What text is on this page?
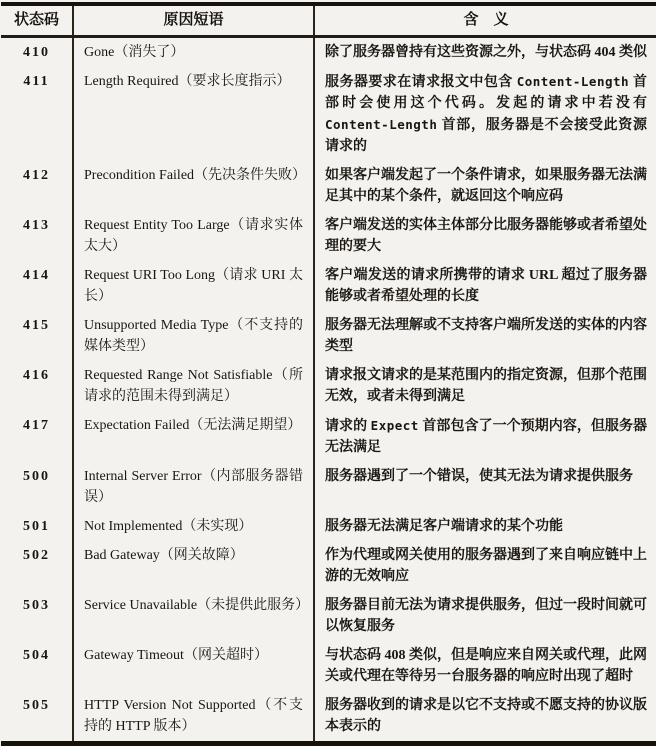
状态码	原因短语	含　义
410	Gone（消失了）	除了服务器曾持有这些资源之外，与状态码 404 类似
411	Length Required（要求长度指示）	服务器要求在请求报文中包含 Content-Length 首部时会使用这个代码。发起的请求中若没有 Content-Length 首部，服务器是不会接受此资源请求的
412	Precondition Failed（先决条件失败）	如果客户端发起了一个条件请求，如果服务器无法满足其中的某个条件，就返回这个响应码
413	Request Entity Too Large（请求实体太大）	客户端发送的实体主体部分比服务器能够或者希望处理的要大
414	Request URI Too Long（请求 URI 太长）	客户端发送的请求所携带的请求 URL 超过了服务器能够或者希望处理的长度
415	Unsupported Media Type（不支持的媒体类型）	服务器无法理解或不支持客户端所发送的实体的内容类型
416	Requested Range Not Satisfiable（所请求的范围未得到满足）	请求报文请求的是某范围内的指定资源，但那个范围无效，或者未得到满足
417	Expectation Failed（无法满足期望）	请求的 Expect 首部包含了一个预期内容，但服务器无法满足
500	Internal Server Error（内部服务器错误）	服务器遇到了一个错误，使其无法为请求提供服务
501	Not Implemented（未实现）	服务器无法满足客户端请求的某个功能
502	Bad Gateway（网关故障）	作为代理或网关使用的服务器遇到了来自响应链中上游的无效响应
503	Service Unavailable（未提供此服务）	服务器目前无法为请求提供服务，但过一段时间就可以恢复服务
504	Gateway Timeout（网关超时）	与状态码 408 类似，但是响应来自网关或代理，此网关或代理在等待另一台服务器的响应时出现了超时
505	HTTP Version Not Supported（不支持的 HTTP 版本）	服务器收到的请求是以它不支持或不愿支持的协议版本表示的
